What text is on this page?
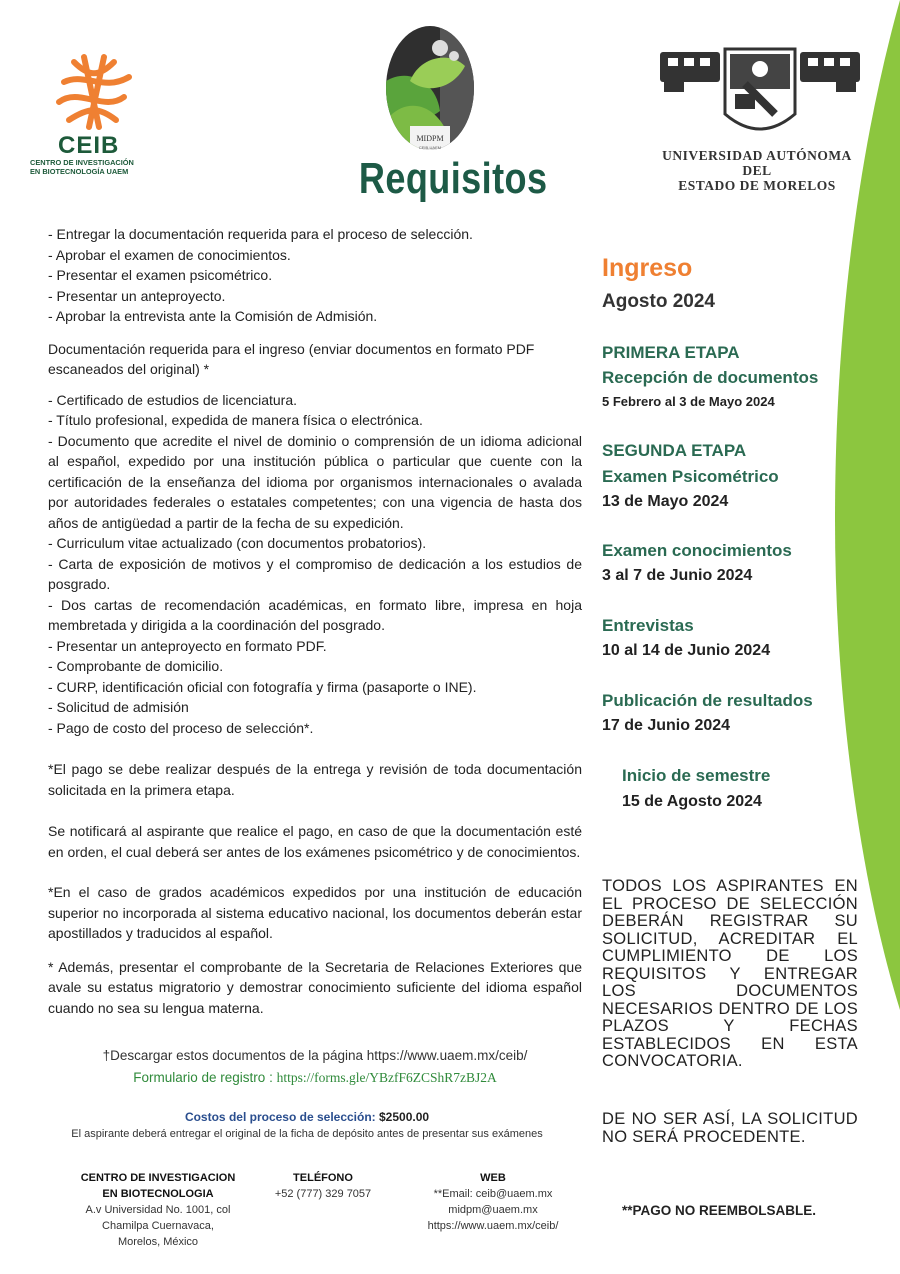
CEIB
CENTRO DE INVESTIGACIÓN
EN BIOTECNOLOGÍA UAEM
MIDPM
CEIB-UAEM
Requisitos	UNIVERSIDAD AUTÓNOMA DEL
ESTADO DE MORELOS
- Entregar la documentación requerida para el proceso de selección.
- Aprobar el examen de conocimientos.
- Presentar el examen psicométrico.
- Presentar un anteproyecto.
- Aprobar la entrevista ante la Comisión de Admisión.

Documentación requerida para el ingreso (enviar documentos en formato PDF escaneados del original) *

- Certificado de estudios de licenciatura.
- Título profesional, expedida de manera física o electrónica.
- Documento que acredite el nivel de dominio o comprensión de un idioma adicional al español, expedido por una institución pública o particular que cuente con la certificación de la enseñanza del idioma por organismos internacionales o avalada por autoridades federales o estatales competentes; con una vigencia de hasta dos años de antigüedad a partir de la fecha de su expedición.
- Curriculum vitae actualizado (con documentos probatorios).
- Carta de exposición de motivos y el compromiso de dedicación a los estudios de posgrado.
- Dos cartas de recomendación académicas, en formato libre, impresa en hoja membretada y dirigida a la coordinación del posgrado.
- Presentar un anteproyecto en formato PDF.
- Comprobante de domicilio.
- CURP, identificación oficial con fotografía y firma (pasaporte o INE).
- Solicitud de admisión
- Pago de costo del proceso de selección*.

*El pago se debe realizar después de la entrega y revisión de toda documentación solicitada en la primera etapa.

Se notificará al aspirante que realice el pago, en caso de que la documentación esté en orden, el cual deberá ser antes de los exámenes psicométrico y de conocimientos.

*En el caso de grados académicos expedidos por una institución de educación superior no incorporada al sistema educativo nacional, los documentos deberán estar apostillados y traducidos al español.

* Además, presentar el comprobante de la Secretaria de Relaciones Exteriores que avale su estatus migratorio y demostrar conocimiento suficiente del idioma español cuando no sea su lengua materna.

†Descargar estos documentos de la página https://www.uaem.mx/ceib/
Formulario de registro : https://forms.gle/YBzfF6ZCShR7zBJ2A
Costos del proceso de selección: $2500.00
El aspirante deberá entregar el original de la ficha de depósito antes de presentar sus exámenes
CENTRO DE INVESTIGACION
EN BIOTECNOLOGIA
A.v Universidad No. 1001, col
Chamilpa Cuernavaca,
Morelos, México
TELÉFONO
+52 (777) 329 7057
WEB
**Email: ceib@uaem.mx
midpm@uaem.mx
https://www.uaem.mx/ceib/
Ingreso
Agosto 2024
PRIMERA ETAPA
Recepción de documentos
5 Febrero al 3 de Mayo 2024
SEGUNDA ETAPA
Examen Psicométrico
13 de Mayo 2024
Examen conocimientos
3 al 7 de Junio 2024
Entrevistas
10 al 14 de Junio 2024
Publicación de resultados
17 de Junio 2024
Inicio de semestre
15 de Agosto 2024
TODOS LOS ASPIRANTES EN EL PROCESO DE SELECCIÓN DEBERÁN REGISTRAR SU SOLICITUD, ACREDITAR EL CUMPLIMIENTO DE LOS REQUISITOS Y ENTREGAR LOS DOCUMENTOS NECESARIOS DENTRO DE LOS PLAZOS Y FECHAS ESTABLECIDOS EN ESTA CONVOCATORIA.
DE NO SER ASÍ, LA SOLICITUD NO SERÁ PROCEDENTE.
**PAGO NO REEMBOLSABLE.
